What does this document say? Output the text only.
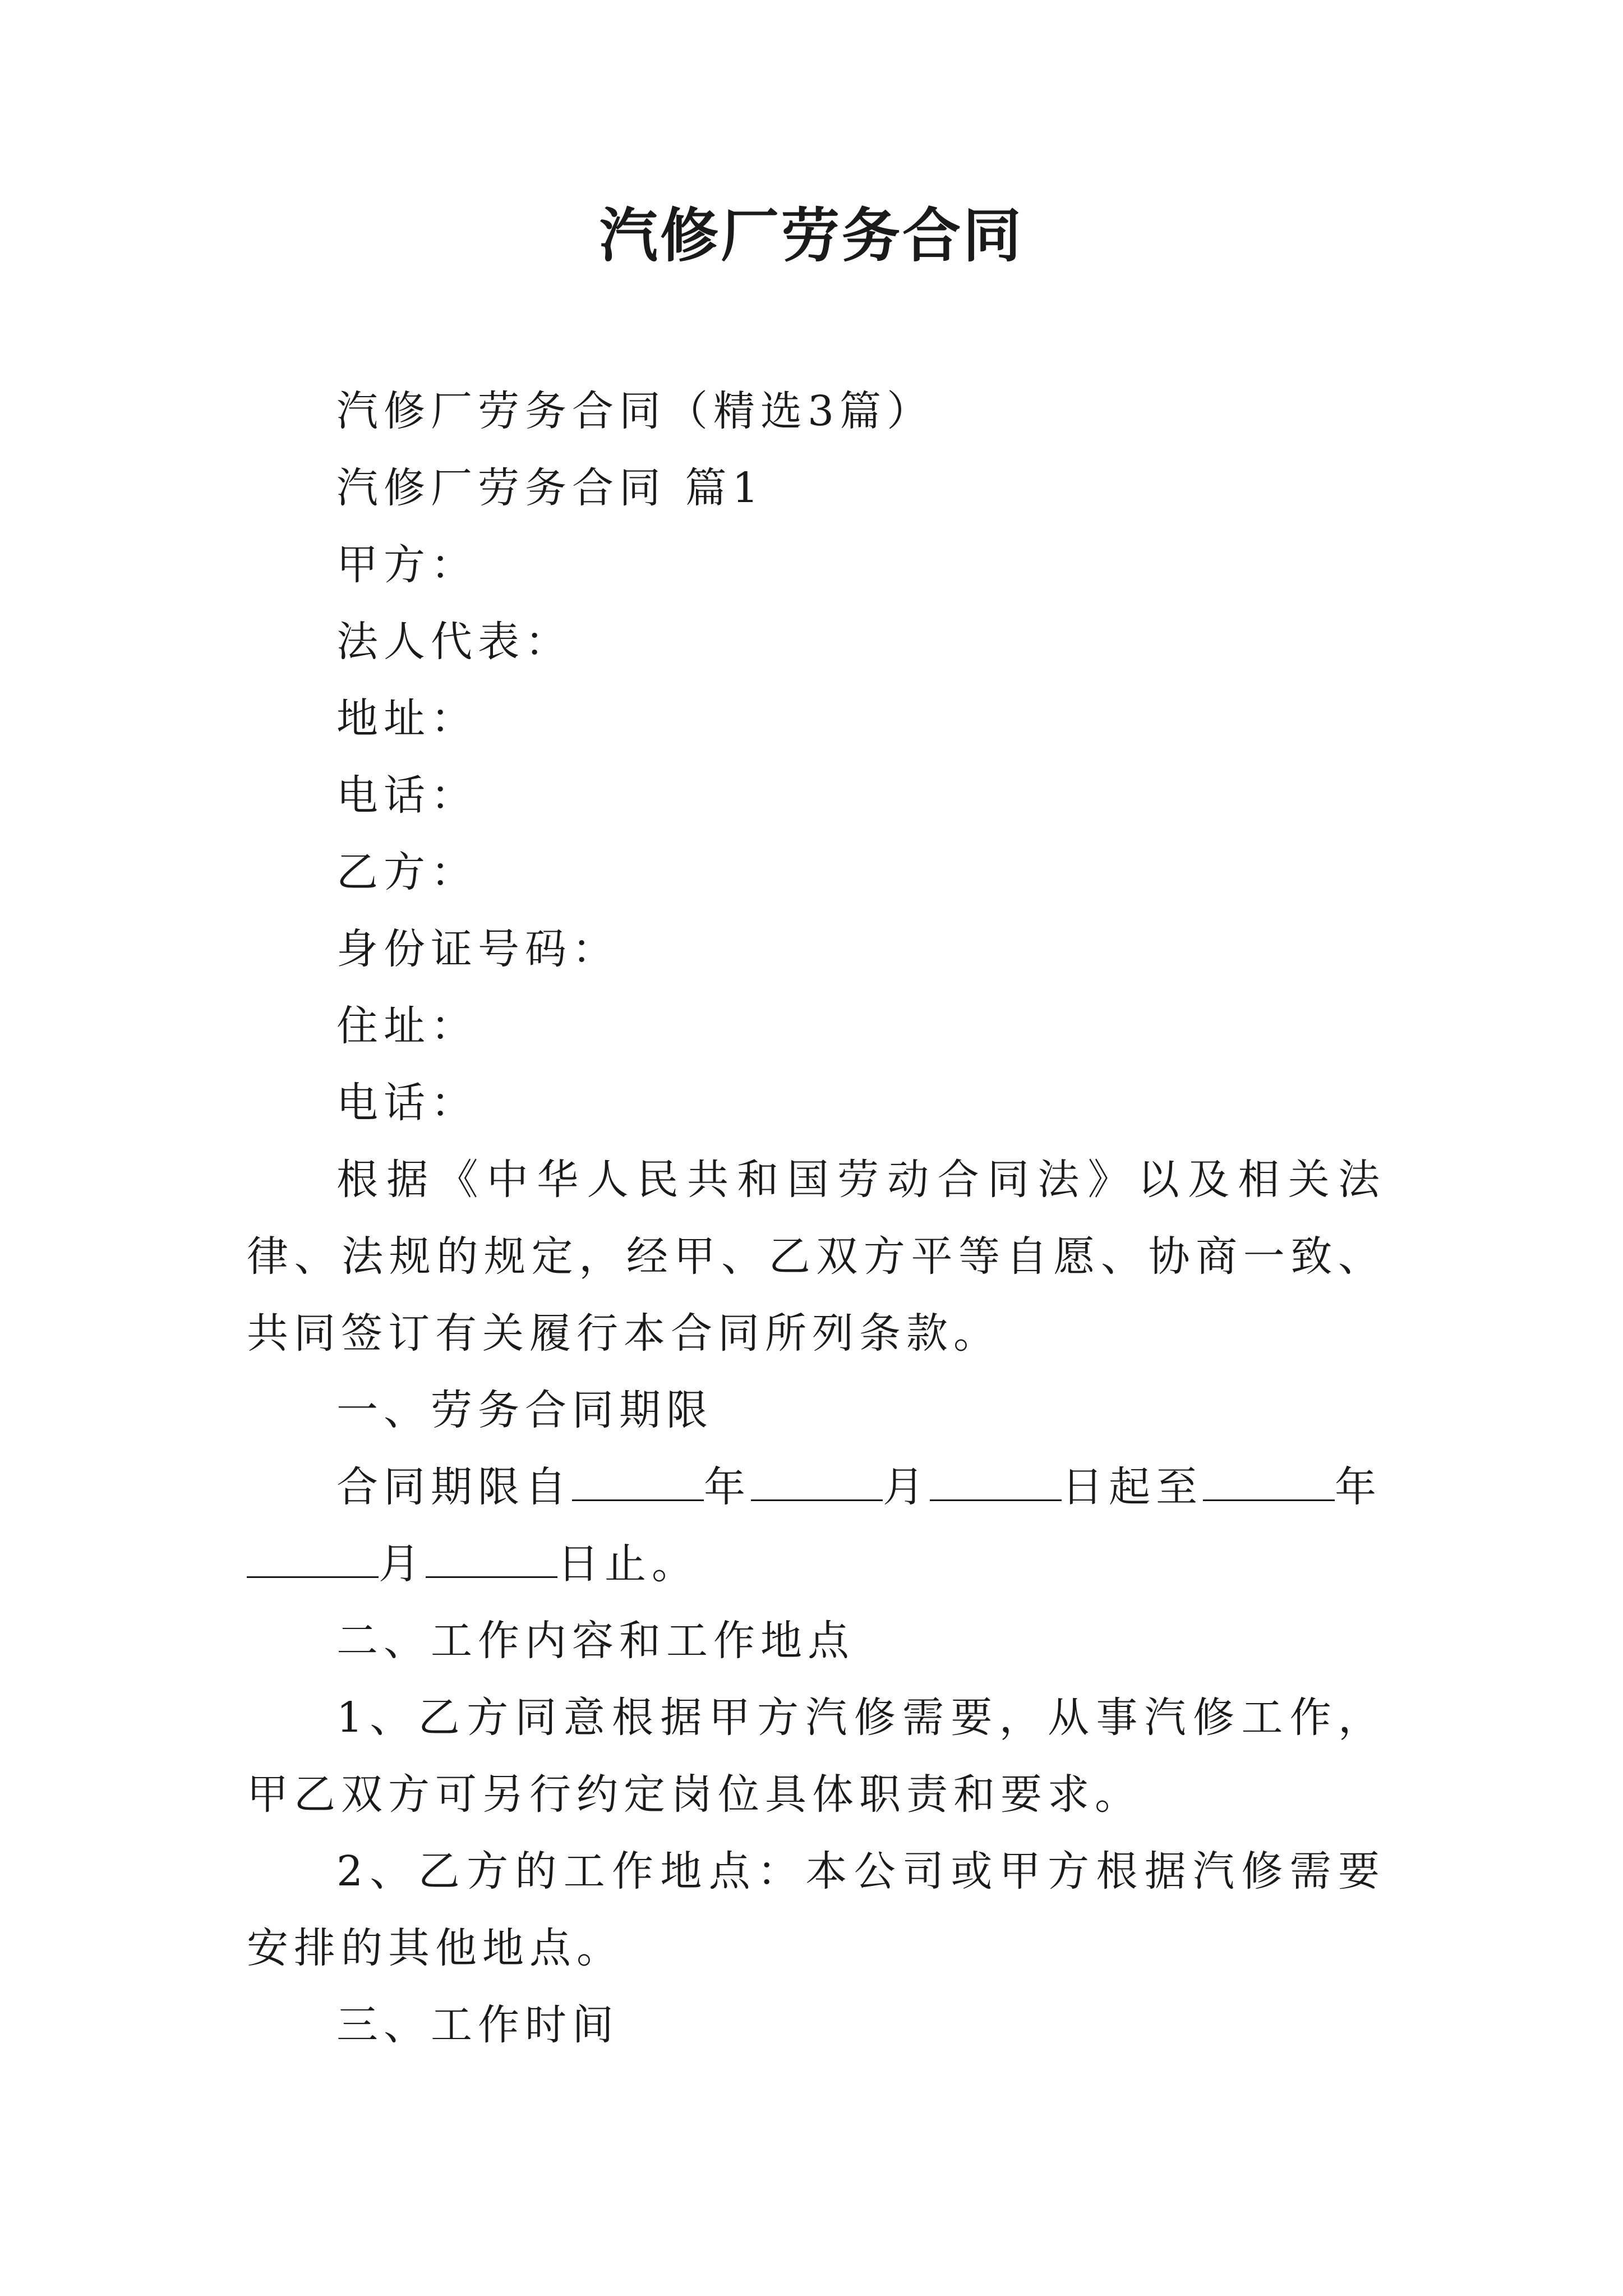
汽修厂劳务合同

汽修厂劳务合同（精选3篇）

汽修厂劳务合同 篇1

甲方：

法人代表：

地址：

电话：

乙方：

身份证号码：

住址：

电话：

根据《中华人民共和国劳动合同法》以及相关法律、法规的规定，经甲、乙双方平等自愿、协商一致、共同签订有关履行本合同所列条款。

一、劳务合同期限

合同期限自	年	月	日起至	年 月	日止。

二、工作内容和工作地点

1、乙方同意根据甲方汽修需要，从事汽修工作，甲乙双方可另行约定岗位具体职责和要求。

2、乙方的工作地点：本公司或甲方根据汽修需要安排的其他地点。

三、工作时间
